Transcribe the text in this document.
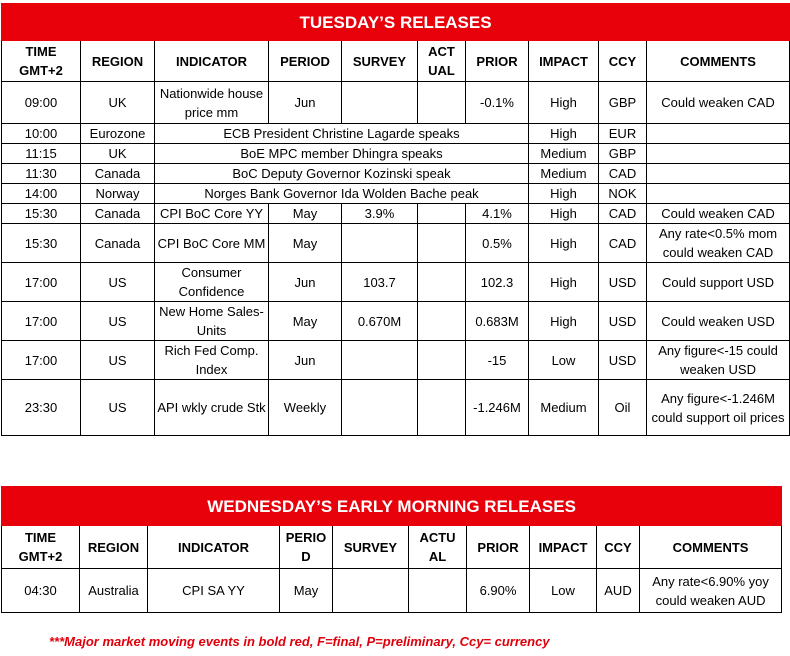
TUESDAY’S RELEASES									
TIME GMT+2	REGION	INDICATOR	PERIOD	SURVEY	ACT UAL	PRIOR	IMPACT	CCY	COMMENTS
09:00	UK	Nationwide house price mm	Jun			-0.1%	High	GBP	Could weaken CAD
10:00	Eurozone	ECB President Christine Lagarde speaks					High	EUR	
11:15	UK	BoE MPC member Dhingra speaks					Medium	GBP	
11:30	Canada	BoC Deputy Governor Kozinski speak					Medium	CAD	
14:00	Norway	Norges Bank Governor Ida Wolden Bache peak					High	NOK	
15:30	Canada	CPI BoC Core YY	May	3.9%		4.1%	High	CAD	Could weaken CAD
15:30	Canada	CPI BoC Core MM	May			0.5%	High	CAD	Any rate<0.5% mom could weaken CAD
17:00	US	Consumer Confidence	Jun	103.7		102.3	High	USD	Could support USD
17:00	US	New Home Sales-Units	May	0.670M		0.683M	High	USD	Could weaken USD
17:00	US	Rich Fed Comp. Index	Jun			-15	Low	USD	Any figure<-15 could weaken USD
23:30	US	API wkly crude Stk	Weekly			-1.246M	Medium	Oil	Any figure<-1.246M could support oil prices
WEDNESDAY’S EARLY MORNING RELEASES									
TIME GMT+2	REGION	INDICATOR	PERIO D	SURVEY	ACTU AL	PRIOR	IMPACT	CCY	COMMENTS
04:30	Australia	CPI SA YY	May			6.90%	Low	AUD	Any rate<6.90% yoy could weaken AUD
***Major market moving events in bold red, F=final, P=preliminary, Ccy= currency
